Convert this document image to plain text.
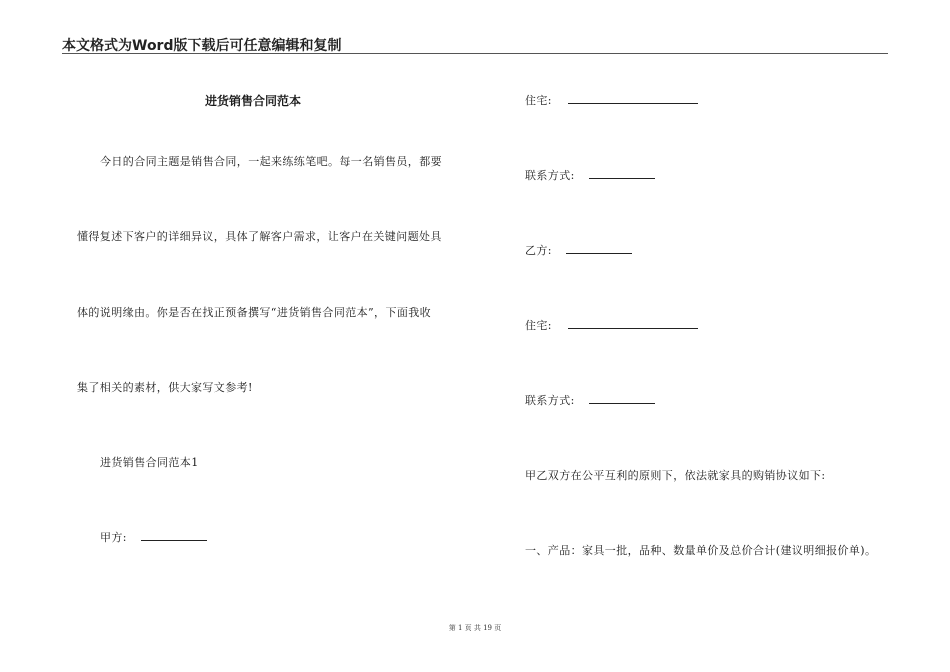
本文格式为Word版下载后可任意编辑和复制
进货销售合同范本
今日的合同主题是销售合同，一起来练练笔吧。每一名销售员，都要
懂得复述下客户的详细异议，具体了解客户需求，让客户在关键问题处具
体的说明缘由。你是否在找正预备撰写“进货销售合同范本”，下面我收
集了相关的素材，供大家写文参考!
进货销售合同范本1
甲方:
住宅:
联系方式:
乙方:
住宅:
联系方式:
甲乙双方在公平互利的原则下，依法就家具的购销协议如下:
一、产品：家具一批，品种、数量单价及总价合计(建议明细报价单)。
第 1 页 共 19 页
